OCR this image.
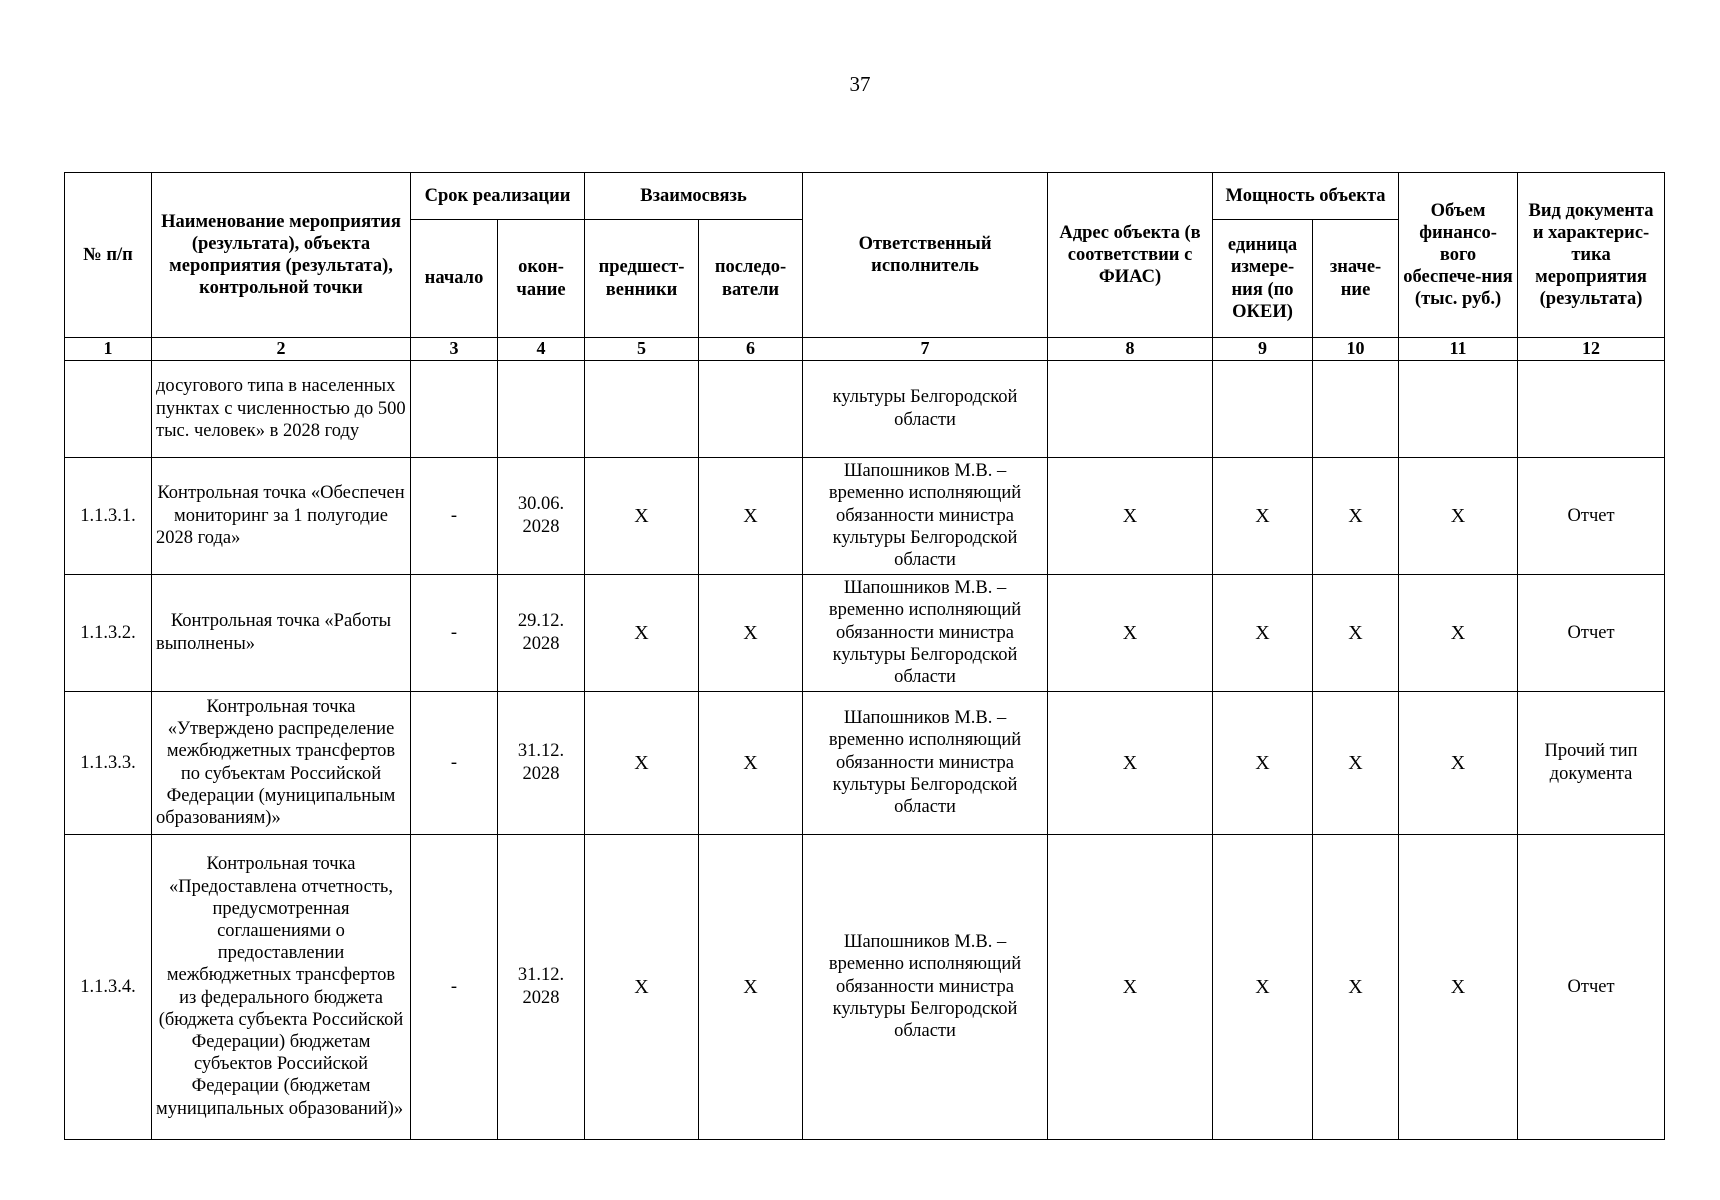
37
№ п/п	Наименование мероприятия (результата), объекта мероприятия (результата), контрольной точки	Срок реализации		Взаимосвязь		Ответственный исполнитель	Адрес объекта (в соответствии с ФИАС)	Мощность объекта		Объем финансо-вого обеспече-ния (тыс. руб.)	Вид документа и характерис-тика мероприятия (результата)
		начало	окон-чание	предшест-венники	последо-ватели			единица измере-ния (по ОКЕИ)	значе-ние		
1	2	3	4	5	6	7	8	9	10	11	12
	досугового типа в населенных пунктах с численностью до 500 тыс. человек» в 2028 году					культуры Белгородской области					
1.1.3.1.	Контрольная точка «Обеспечен мониторинг за 1 полугодие 2028 года»	-	30.06. 2028	X	X	Шапошников М.В. – временно исполняющий обязанности министра культуры Белгородской области	X	X	X	X	Отчет
1.1.3.2.	Контрольная точка «Работы выполнены»	-	29.12. 2028	X	X	Шапошников М.В. – временно исполняющий обязанности министра культуры Белгородской области	X	X	X	X	Отчет
1.1.3.3.	Контрольная точка «Утверждено распределение межбюджетных трансфертов по субъектам Российской Федерации (муниципальным образованиям)»	-	31.12. 2028	X	X	Шапошников М.В. – временно исполняющий обязанности министра культуры Белгородской области	X	X	X	X	Прочий тип документа
1.1.3.4.	Контрольная точка «Предоставлена отчетность, предусмотренная соглашениями о предоставлении межбюджетных трансфертов из федерального бюджета (бюджета субъекта Российской Федерации) бюджетам субъектов Российской Федерации (бюджетам муниципальных образований)»	-	31.12. 2028	X	X	Шапошников М.В. – временно исполняющий обязанности министра культуры Белгородской области	X	X	X	X	Отчет
